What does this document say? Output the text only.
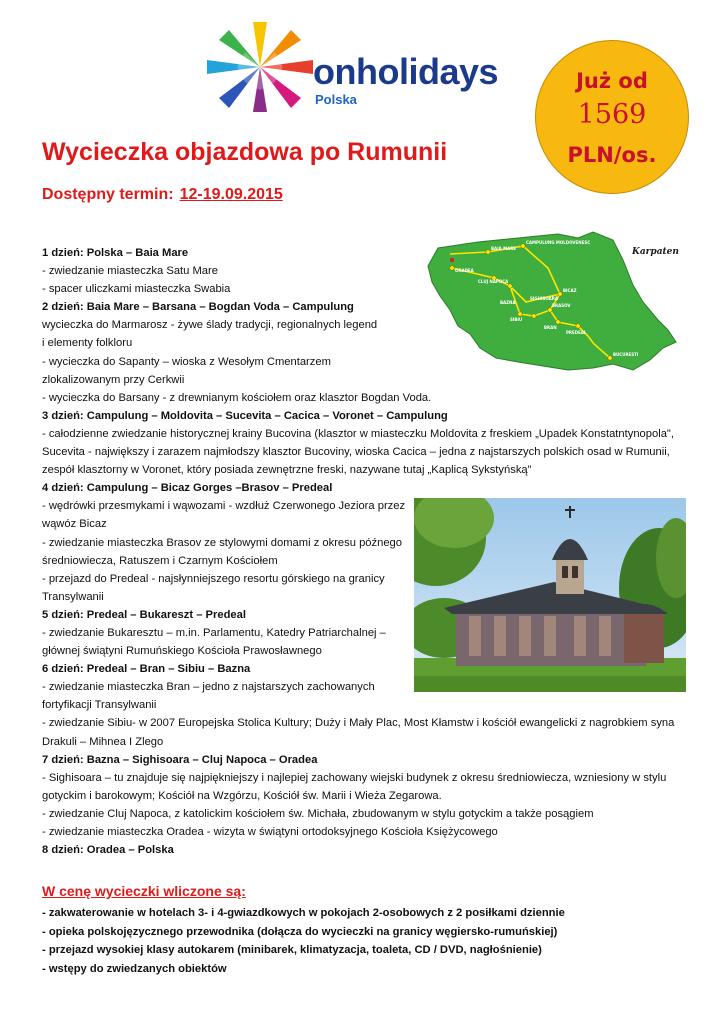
onholidays
Polska
Już od
1569
PLN/os.
Wycieczka objazdowa po Rumunii
Dostępny termin: 12-19.09.2015
1 dzień: Polska – Baia Mare
- zwiedzanie miasteczka Satu Mare
- spacer uliczkami miasteczka Swabia
2 dzień: Baia Mare – Barsana – Bogdan Voda – Campulung
wycieczka do Marmarosz - żywe ślady tradycji, regionalnych legend
i elementy folkloru
- wycieczka do Sapanty – wioska z Wesołym Cmentarzem
zlokalizowanym przy Cerkwii
- wycieczka do Barsany - z drewnianym kościołem oraz klasztor Bogdan Voda.
3 dzień: Campulung – Moldovita – Sucevita – Cacica – Voronet – Campulung
- całodzienne zwiedzanie historycznej krainy Bucovina (klasztor w miasteczku Moldovita z freskiem „Upadek Konstatntynopola",
Sucevita - największy i zarazem najmłodszy klasztor Bucoviny, wioska Cacica – jedna z najstarszych polskich osad w Rumunii,
zespół klasztorny w Voronet, który posiada zewnętrzne freski, nazywane tutaj „Kaplicą Sykstyńską"
4 dzień: Campulung – Bicaz Gorges –Brasov – Predeal
- wędrówki przesmykami i wąwozami - wzdłuż Czerwonego Jeziora przez
wąwóz Bicaz
- zwiedzanie miasteczka Brasov ze stylowymi domami z okresu późnego
średniowiecza, Ratuszem i Czarnym Kościołem
- przejazd do Predeal - najsłynniejszego resortu górskiego na granicy
Transylwanii
5 dzień: Predeal – Bukareszt – Predeal
- zwiedzanie Bukaresztu – m.in. Parlamentu, Katedry Patriarchalnej –
głównej świątyni Rumuńskiego Kościoła Prawosławnego
6 dzień: Predeal – Bran – Sibiu – Bazna
- zwiedzanie miasteczka Bran – jedno z najstarszych zachowanych
fortyfikacji Transylwanii
- zwiedzanie Sibiu- w 2007 Europejska Stolica Kultury; Duży i Mały Plac, Most Kłamstw i kościół ewangelicki z nagrobkiem syna
Drakuli – Mihnea I Zlego
7 dzień: Bazna – Sighisoara – Cluj Napoca – Oradea
- Sighisoara – tu znajduje się najpiękniejszy i najlepiej zachowany wiejski budynek z okresu średniowiecza, wzniesiony w stylu
gotyckim i barokowym; Kościół na Wzgórzu, Kościół św. Marii i Wieża Zegarowa.
- zwiedzanie Cluj Napoca, z katolickim kościołem św. Michała, zbudowanym w stylu gotyckim a także posągiem
- zwiedzanie miasteczka Oradea - wizyta w świątyni ortodoksyjnego Kościoła Księżycowego
8 dzień: Oradea – Polska
BAIA MARE
CAMPULUNG MOLDOVENESC
ORADEA
CLUJ NAPOCA
BICAZ
BAZNA
SIBIU
BRASOV
BRAN
PREDEAL
BUCURESTI
SIGHISOARA
Karpaten
W cenę wycieczki wliczone są:
- zakwaterowanie w hotelach 3- i 4-gwiazdkowych w pokojach 2-osobowych z 2 posiłkami dziennie
- opieka polskojęzycznego przewodnika (dołącza do wycieczki na granicy węgiersko-rumuńskiej)
- przejazd wysokiej klasy autokarem (minibarek, klimatyzacja, toaleta, CD / DVD, nagłośnienie)
- wstępy do zwiedzanych obiektów
